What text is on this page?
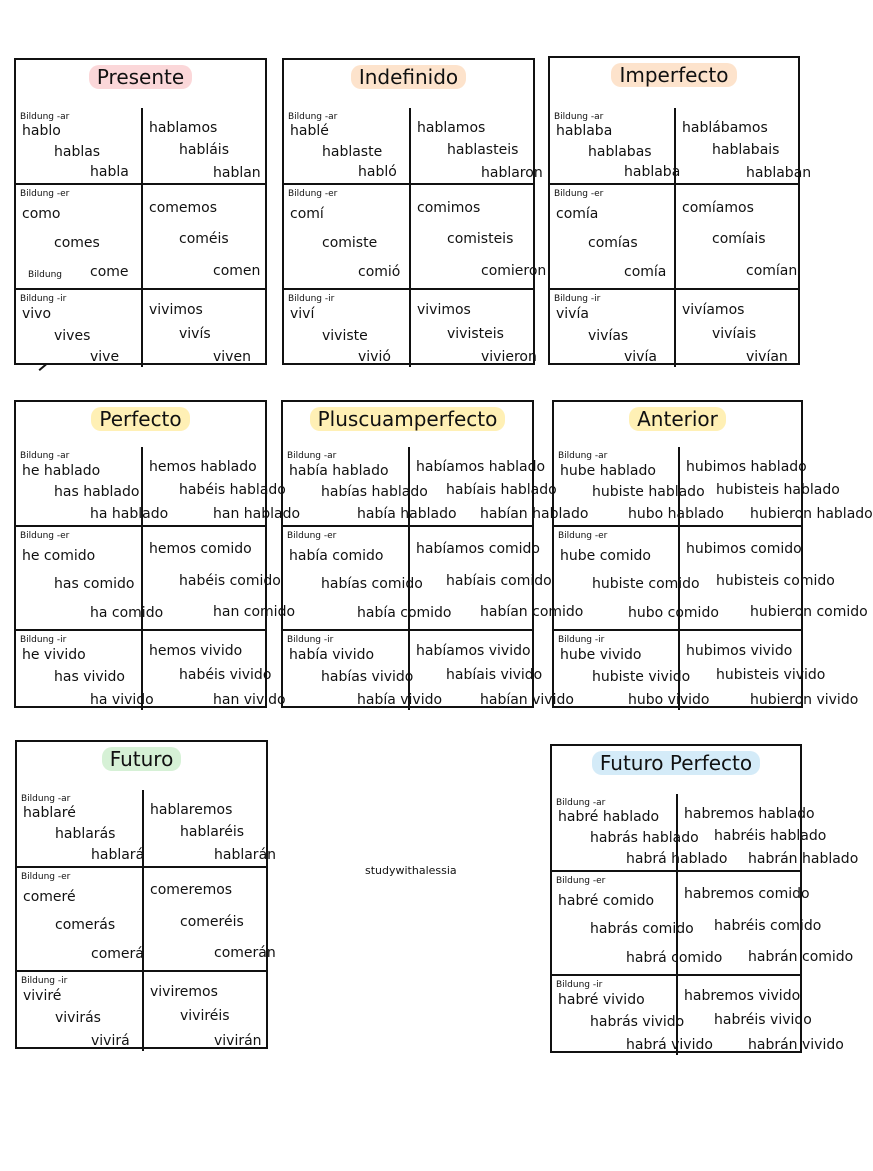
Presente
Bildung -ar
hablo
hablas
habla
hablamos
habláis
hablan
Bildung -er
como
comes
come
Bildung
comemos
coméis
comen
Bildung -ir
vivo
vives
vive
vivimos
vivís
viven
Indefinido
Bildung -ar
hablé
hablaste
habló
hablamos
hablasteis
hablaron
Bildung -er
comí
comiste
comió
comimos
comisteis
comieron
Bildung -ir
viví
viviste
vivió
vivimos
vivisteis
vivieron
Imperfecto
Bildung -ar
hablaba
hablabas
hablaba
hablábamos
hablabais
hablaban
Bildung -er
comía
comías
comía
comíamos
comíais
comían
Bildung -ir
vivía
vivías
vivía
vivíamos
vivíais
vivían
Perfecto
Bildung -ar
he hablado
has hablado
ha hablado
hemos hablado
habéis hablado
han hablado
Bildung -er
he comido
has comido
ha comido
hemos comido
habéis comido
han comido
Bildung -ir
he vivido
has vivido
ha vivido
hemos vivido
habéis vivido
han vivido
Pluscuamperfecto
Bildung -ar
había hablado
habías hablado
había hablado
habíamos hablado
habíais hablado
habían hablado
Bildung -er
había comido
habías comido
había comido
habíamos comido
habíais comido
habían comido
Bildung -ir
había vivido
habías vivido
había vivido
habíamos vivido
habíais vivido
habían vivido
Anterior
Bildung -ar
hube hablado
hubiste hablado
hubo hablado
hubimos hablado
hubisteis hablado
hubieron hablado
Bildung -er
hube comido
hubiste comido
hubo comido
hubimos comido
hubisteis comido
hubieron comido
Bildung -ir
hube vivido
hubiste vivido
hubo vivido
hubimos vivido
hubisteis vivido
hubieron vivido
Futuro
Bildung -ar
hablaré
hablarás
hablará
hablaremos
hablaréis
hablarán
Bildung -er
comeré
comerás
comerá
comeremos
comeréis
comerán
Bildung -ir
viviré
vivirás
vivirá
viviremos
viviréis
vivirán
Futuro Perfecto
Bildung -ar
habré hablado
habrás hablado
habrá hablado
habremos hablado
habréis hablado
habrán hablado
Bildung -er
habré comido
habrás comido
habrá comido
habremos comido
habréis comido
habrán comido
Bildung -ir
habré vivido
habrás vivido
habrá vivido
habremos vivido
habréis vivido
habrán vivido
studywithalessia
